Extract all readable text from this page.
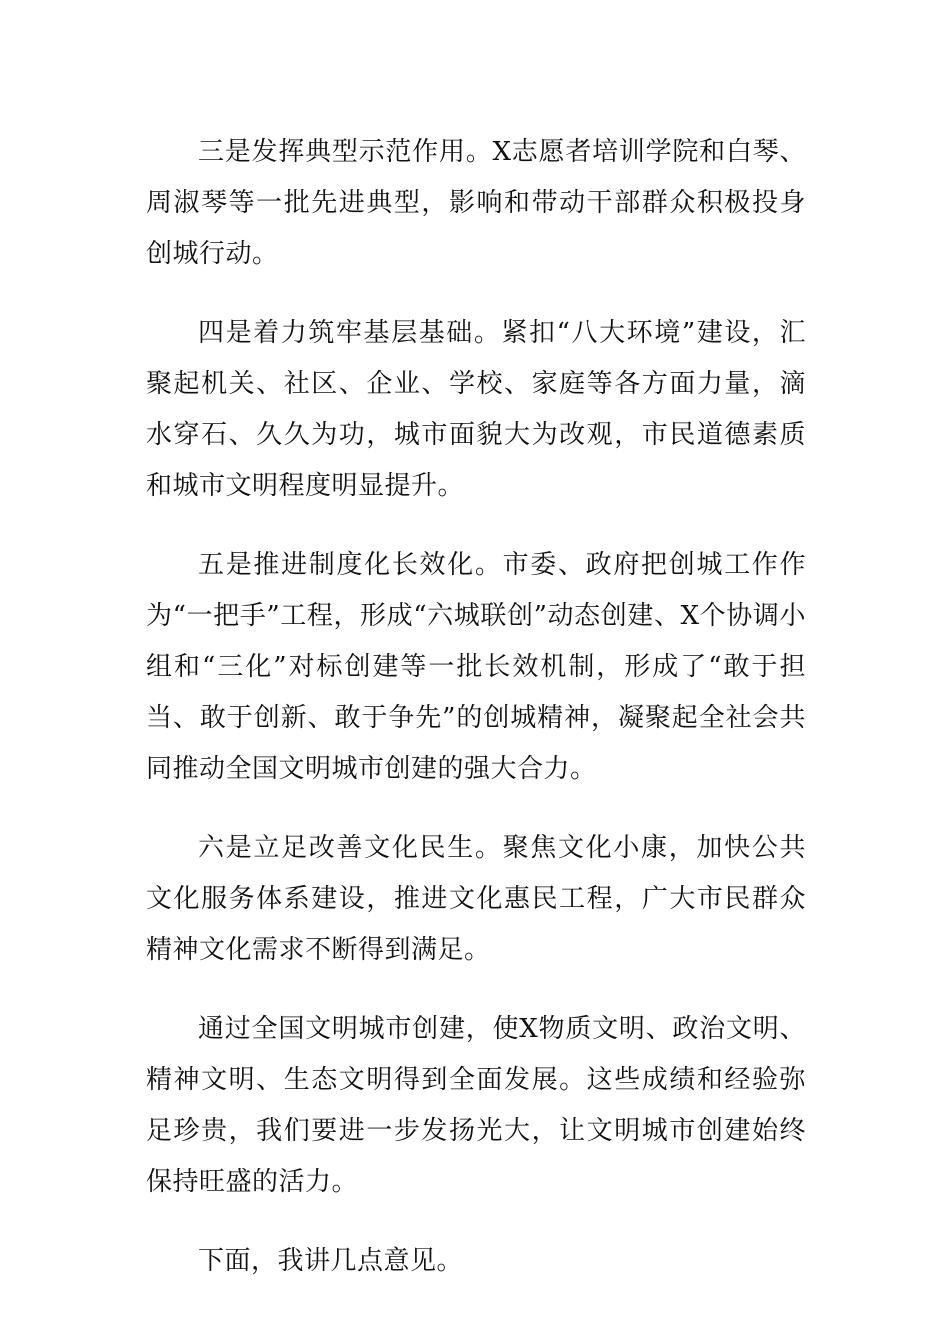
三是发挥典型示范作用。X志愿者培训学院和白琴、周淑琴等一批先进典型，影响和带动干部群众积极投身创城行动。

四是着力筑牢基层基础。紧扣“八大环境”建设，汇聚起机关、社区、企业、学校、家庭等各方面力量，滴水穿石、久久为功，城市面貌大为改观，市民道德素质和城市文明程度明显提升。

五是推进制度化长效化。市委、政府把创城工作作为“一把手”工程，形成“六城联创”动态创建、X个协调小组和“三化”对标创建等一批长效机制，形成了“敢于担当、敢于创新、敢于争先”的创城精神，凝聚起全社会共同推动全国文明城市创建的强大合力。

六是立足改善文化民生。聚焦文化小康，加快公共文化服务体系建设，推进文化惠民工程，广大市民群众精神文化需求不断得到满足。

通过全国文明城市创建，使X物质文明、政治文明、精神文明、生态文明得到全面发展。这些成绩和经验弥足珍贵，我们要进一步发扬光大，让文明城市创建始终保持旺盛的活力。

下面，我讲几点意见。
